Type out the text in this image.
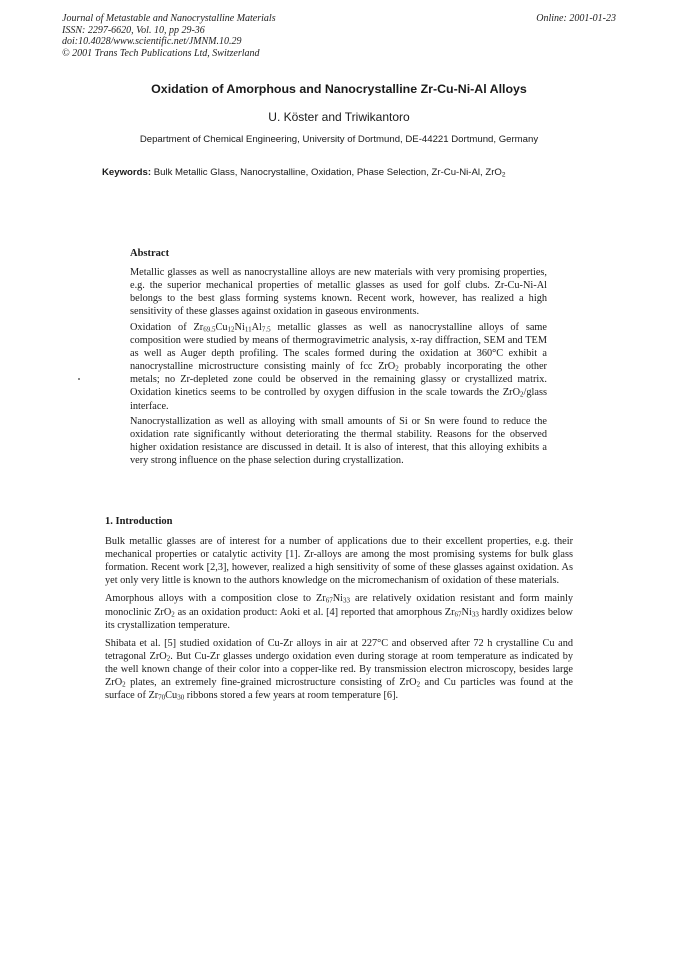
Journal of Metastable and Nanocrystalline Materials
ISSN: 2297-6620, Vol. 10, pp 29-36
doi:10.4028/www.scientific.net/JMNM.10.29
© 2001 Trans Tech Publications Ltd, Switzerland
Online: 2001-01-23
Oxidation of Amorphous and Nanocrystalline Zr-Cu-Ni-Al Alloys
U. Köster and Triwikantoro
Department of Chemical Engineering, University of Dortmund, DE-44221 Dortmund, Germany
Keywords: Bulk Metallic Glass, Nanocrystalline, Oxidation, Phase Selection, Zr-Cu-Ni-Al, ZrO$_2$
Abstract

Metallic glasses as well as nanocrystalline alloys are new materials with very promising properties, e.g. the superior mechanical properties of metallic glasses as used for golf clubs. Zr-Cu-Ni-Al belongs to the best glass forming systems known. Recent work, however, has realized a high sensitivity of these glasses against oxidation in gaseous environments.

Oxidation of $Zr_{69.5}Cu_{12}Ni_{11}Al_{7.5}$ metallic glasses as well as nanocrystalline alloys of same composition were studied by means of thermogravimetric analysis, x-ray diffraction, SEM and TEM as well as Auger depth profiling. The scales formed during the oxidation at 360°C exhibit a nanocrystalline microstructure consisting mainly of fcc ZrO$_2$ probably incorporating the other metals; no Zr-depleted zone could be observed in the remaining glassy or crystallized matrix. Oxidation kinetics seems to be controlled by oxygen diffusion in the scale towards the ZrO$_2$/glass interface.

Nanocrystallization as well as alloying with small amounts of Si or Sn were found to reduce the oxidation rate significantly without deteriorating the thermal stability. Reasons for the observed higher oxidation resistance are discussed in detail. It is also of interest, that this alloying exhibits a very strong influence on the phase selection during crystallization.

1. Introduction

Bulk metallic glasses are of interest for a number of applications due to their excellent properties, e.g. their mechanical properties or catalytic activity [1]. Zr-alloys are among the most promising systems for bulk glass formation. Recent work [2,3], however, realized a high sensitivity of some of these glasses against oxidation. As yet only very little is known to the authors knowledge on the micromechanism of oxidation of these materials.

Amorphous alloys with a composition close to $Zr_{67}Ni_{33}$ are relatively oxidation resistant and form mainly monoclinic ZrO$_2$ as an oxidation product: Aoki et al. [4] reported that amorphous $Zr_{67}Ni_{33}$ hardly oxidizes below its crystallization temperature.

Shibata et al. [5] studied oxidation of Cu-Zr alloys in air at 227°C and observed after 72 h crystalline Cu and tetragonal ZrO$_2$. But Cu-Zr glasses undergo oxidation even during storage at room temperature as indicated by the well known change of their color into a copper-like red. By transmission electron microscopy, besides large ZrO$_2$ plates, an extremely fine-grained microstructure consisting of ZrO$_2$ and Cu particles was found at the surface of $Zr_{70}Cu_{30}$ ribbons stored a few years at room temperature [6].
